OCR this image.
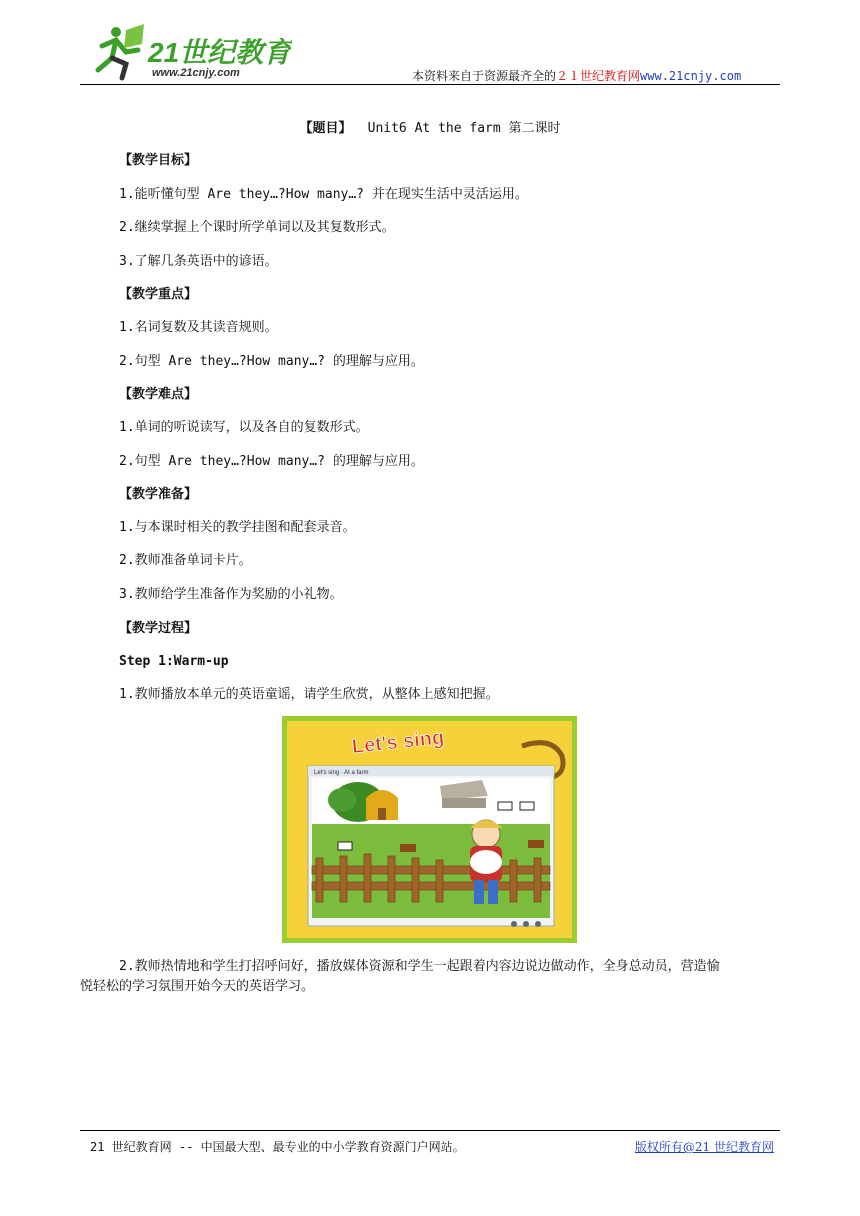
21世纪教育
www.21cnjy.com	本资料来自于资源最齐全的２１世纪教育网www.21cnjy.com
【题目】 Unit6 At the farm 第二课时
【教学目标】
1.能听懂句型 Are they…?How many…? 并在现实生活中灵活运用。
2.继续掌握上个课时所学单词以及其复数形式。
3.了解几条英语中的谚语。
【教学重点】
1.名词复数及其读音规则。
2.句型 Are they…?How many…? 的理解与应用。
【教学难点】
1.单词的听说读写，以及各自的复数形式。
2.句型 Are they…?How many…? 的理解与应用。
【教学准备】
1.与本课时相关的教学挂图和配套录音。
2.教师准备单词卡片。
3.教师给学生准备作为奖励的小礼物。
【教学过程】
Step 1:Warm-up
1.教师播放本单元的英语童谣，请学生欣赏，从整体上感知把握。
Let's sing
Let's sing · At a farm
2.教师热情地和学生打招呼问好，播放媒体资源和学生一起跟着内容边说边做动作，全身总动员，营造愉
悦轻松的学习氛围开始今天的英语学习。
21 世纪教育网 -- 中国最大型、最专业的中小学教育资源门户网站。	版权所有@21 世纪教育网
